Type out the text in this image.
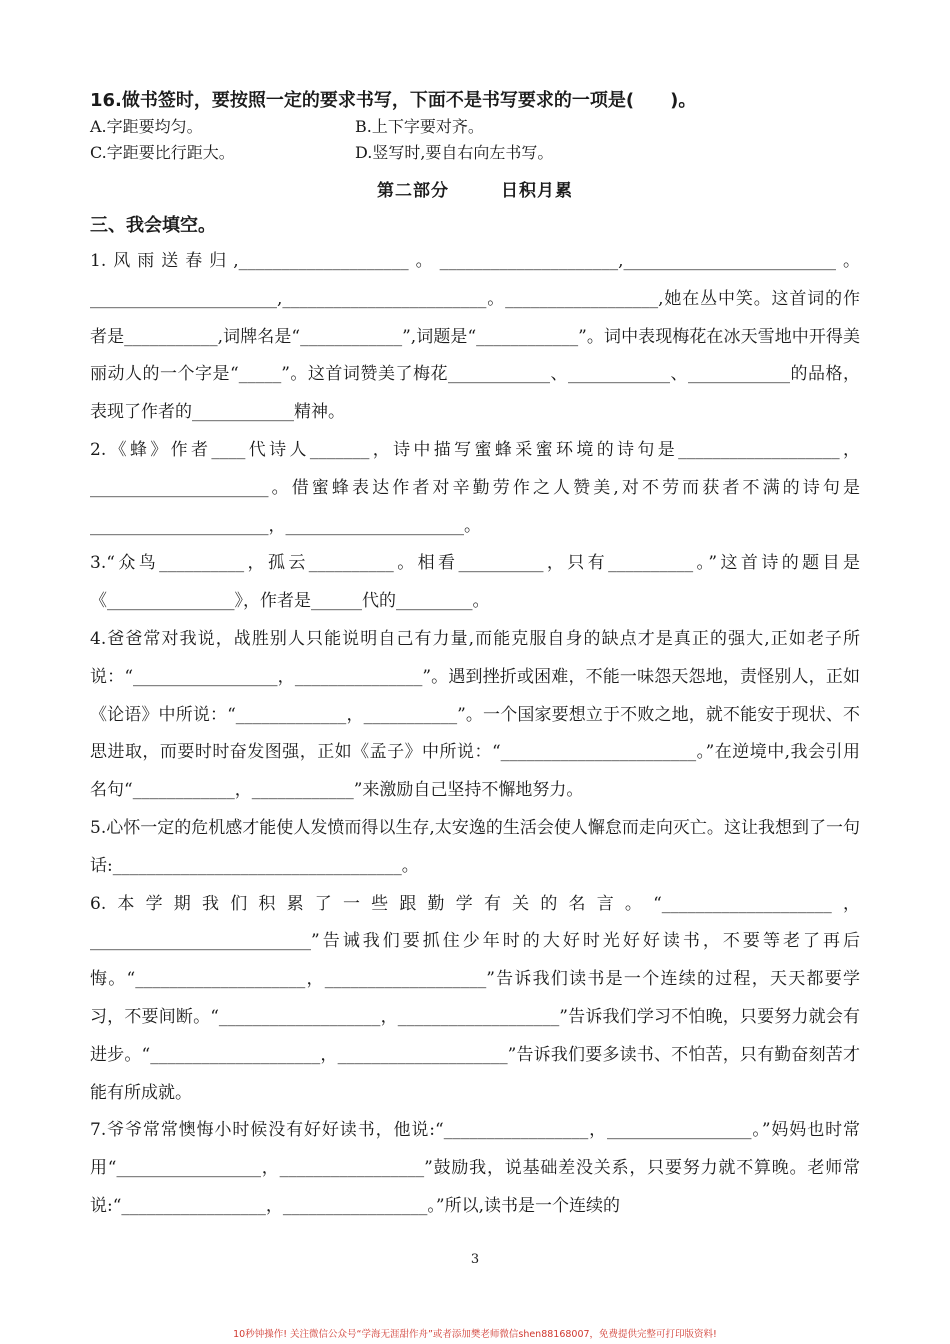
16.做书签时，要按照一定的要求书写，下面不是书写要求的一项是(　　)。

A.字距要均匀。	B.上下字要对齐。
C.字距要比行距大。	D.竖写时,要自右向左书写。
第二部分	日积月累
三、我会填空。

1.风雨送春归,____________________。_____________________,_________________________。______________________,________________________。__________________,她在丛中笑。这首词的作者是___________,词牌名是“____________”,词题是“____________”。词中表现梅花在冰天雪地中开得美丽动人的一个字是“_____”。这首词赞美了梅花____________、____________、____________的品格，表现了作者的____________精神。

2.《蜂》作者____代诗人_______，诗中描写蜜蜂采蜜环境的诗句是___________________，_____________________。借蜜蜂表达作者对辛勤劳作之人赞美,对不劳而获者不满的诗句是_____________________，_____________________。

3.“众鸟__________，孤云__________。相看__________，只有__________。”这首诗的题目是《_______________》，作者是______代的_________。

4.爸爸常对我说，战胜别人只能说明自己有力量,而能克服自身的缺点才是真正的强大,正如老子所说：“_________________，_______________”。遇到挫折或困难，不能一味怨天怨地，责怪别人，正如《论语》中所说：“_____________，___________”。一个国家要想立于不败之地，就不能安于现状、不思进取，而要时时奋发图强，正如《孟子》中所说：“_______________________。”在逆境中,我会引用名句“____________，____________”来激励自己坚持不懈地努力。

5.心怀一定的危机感才能使人发愤而得以生存,太安逸的生活会使人懈怠而走向灭亡。这让我想到了一句话:__________________________________。

6.本学期我们积累了一些跟勤学有关的名言。“____________________，__________________________”告诫我们要抓住少年时的大好时光好好读书，不要等老了再后悔。“____________________，___________________”告诉我们读书是一个连续的过程，天天都要学习，不要间断。“___________________，___________________”告诉我们学习不怕晚，只要努力就会有进步。“____________________，____________________”告诉我们要多读书、不怕苦，只有勤奋刻苦才能有所成就。

7.爷爷常常懊悔小时候没有好好读书，他说:“_________________，_________________。”妈妈也时常用“_________________，_________________”鼓励我，说基础差没关系，只要努力就不算晚。老师常说:“_________________，_________________。”所以,读书是一个连续的

3
10秒钟操作! 关注微信公众号“学海无涯甜作舟”或者添加樊老师微信shen88168007，免费提供完整可打印版资料!
